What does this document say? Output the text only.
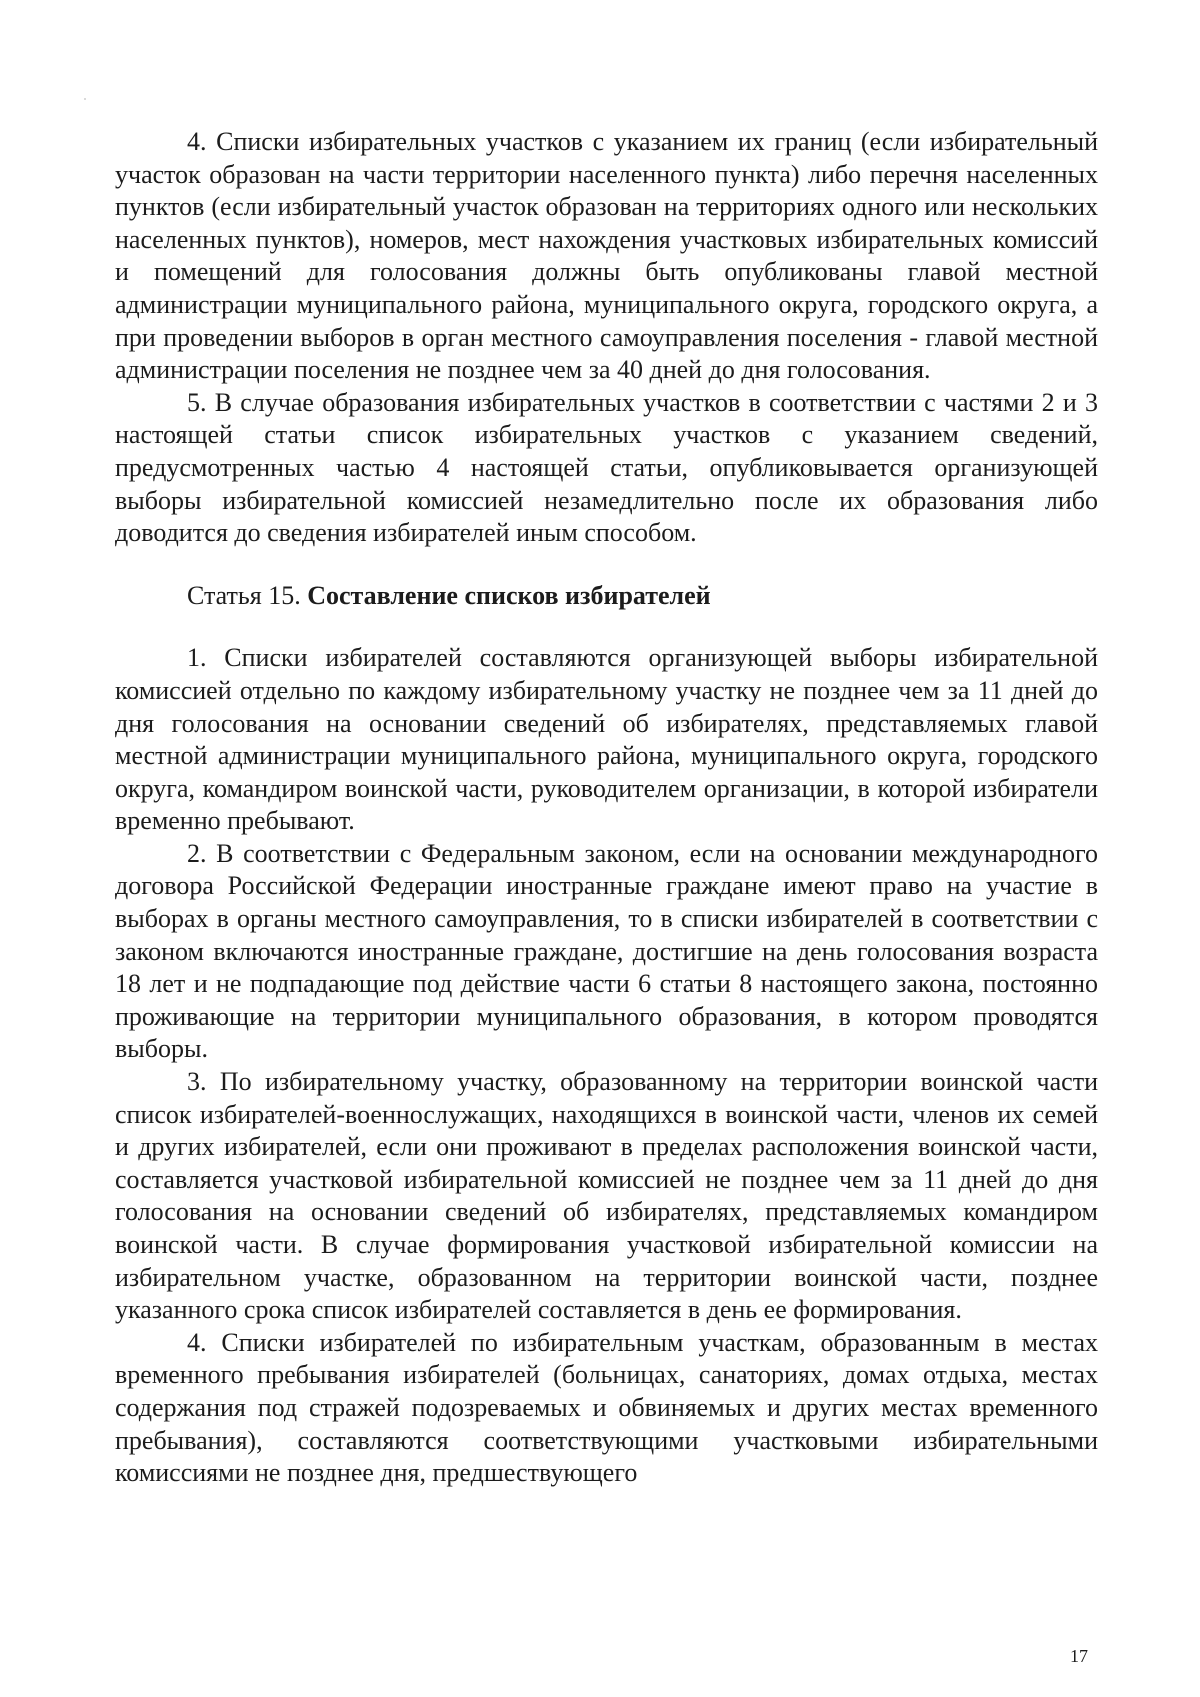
4. Списки избирательных участков с указанием их границ (если избирательный участок образован на части территории населенного пункта) либо перечня населенных пунктов (если избирательный участок образован на территориях одного или нескольких населенных пунктов), номеров, мест нахождения участковых избирательных комиссий и помещений для голосования должны быть опубликованы главой местной администрации муниципального района, муниципального округа, городского округа, а при проведении выборов в орган местного самоуправления поселения - главой местной администрации поселения не позднее чем за 40 дней до дня голосования.

5. В случае образования избирательных участков в соответствии с частями 2 и 3 настоящей статьи список избирательных участков с указанием сведений, предусмотренных частью 4 настоящей статьи, опубликовывается организующей выборы избирательной комиссией незамедлительно после их образования либо доводится до сведения избирателей иным способом.

Статья 15. Составление списков избирателей

1. Списки избирателей составляются организующей выборы избирательной комиссией отдельно по каждому избирательному участку не позднее чем за 11 дней до дня голосования на основании сведений об избирателях, представляемых главой местной администрации муниципального района, муниципального округа, городского округа, командиром воинской части, руководителем организации, в которой избиратели временно пребывают.

2. В соответствии с Федеральным законом, если на основании международного договора Российской Федерации иностранные граждане имеют право на участие в выборах в органы местного самоуправления, то в списки избирателей в соответствии с законом включаются иностранные граждане, достигшие на день голосования возраста 18 лет и не подпадающие под действие части 6 статьи 8 настоящего закона, постоянно проживающие на территории муниципального образования, в котором проводятся выборы.

3. По избирательному участку, образованному на территории воинской части список избирателей-военнослужащих, находящихся в воинской части, членов их семей и других избирателей, если они проживают в пределах расположения воинской части, составляется участковой избирательной комиссией не позднее чем за 11 дней до дня голосования на основании сведений об избирателях, представляемых командиром воинской части. В случае формирования участковой избирательной комиссии на избирательном участке, образованном на территории воинской части, позднее указанного срока список избирателей составляется в день ее формирования.

4. Списки избирателей по избирательным участкам, образованным в местах временного пребывания избирателей (больницах, санаториях, домах отдыха, местах содержания под стражей подозреваемых и обвиняемых и других местах временного пребывания), составляются соответствующими участковыми избирательными комиссиями не позднее дня, предшествующего

17
